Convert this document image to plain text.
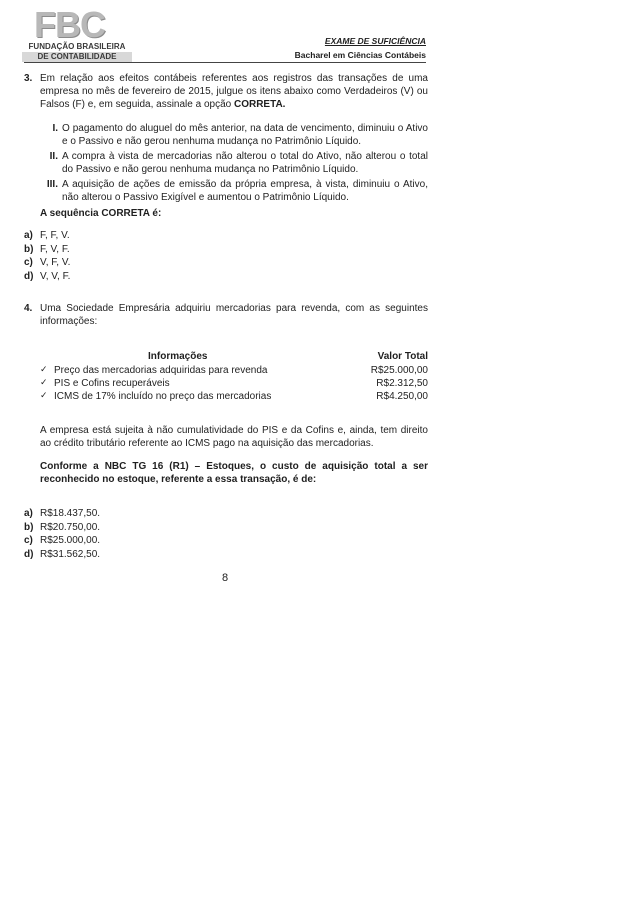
FBC
FUNDAÇÃO BRASILEIRA
DE CONTABILIDADE
EXAME DE SUFICIÊNCIA
Bacharel em Ciências Contábeis
3. Em relação aos efeitos contábeis referentes aos registros das transações de uma empresa no mês de fevereiro de 2015, julgue os itens abaixo como Verdadeiros (V) ou Falsos (F) e, em seguida, assinale a opção CORRETA.
I. O pagamento do aluguel do mês anterior, na data de vencimento, diminuiu o Ativo e o Passivo e não gerou nenhuma mudança no Patrimônio Líquido.
II. A compra à vista de mercadorias não alterou o total do Ativo, não alterou o total do Passivo e não gerou nenhuma mudança no Patrimônio Líquido.
III. A aquisição de ações de emissão da própria empresa, à vista, diminuiu o Ativo, não alterou o Passivo Exigível e aumentou o Patrimônio Líquido.
A sequência CORRETA é:
a) F, F, V.
b) F, V, F.
c) V, F, V.
d) V, V, F.
4. Uma Sociedade Empresária adquiriu mercadorias para revenda, com as seguintes informações:
Informações	Valor Total
✓ Preço das mercadorias adquiridas para revenda	R$25.000,00
✓ PIS e Cofins recuperáveis	R$2.312,50
✓ ICMS de 17% incluído no preço das mercadorias	R$4.250,00
A empresa está sujeita à não cumulatividade do PIS e da Cofins e, ainda, tem direito ao crédito tributário referente ao ICMS pago na aquisição das mercadorias.
Conforme a NBC TG 16 (R1) – Estoques, o custo de aquisição total a ser reconhecido no estoque, referente a essa transação, é de:
a) R$18.437,50.
b) R$20.750,00.
c) R$25.000,00.
d) R$31.562,50.
8
